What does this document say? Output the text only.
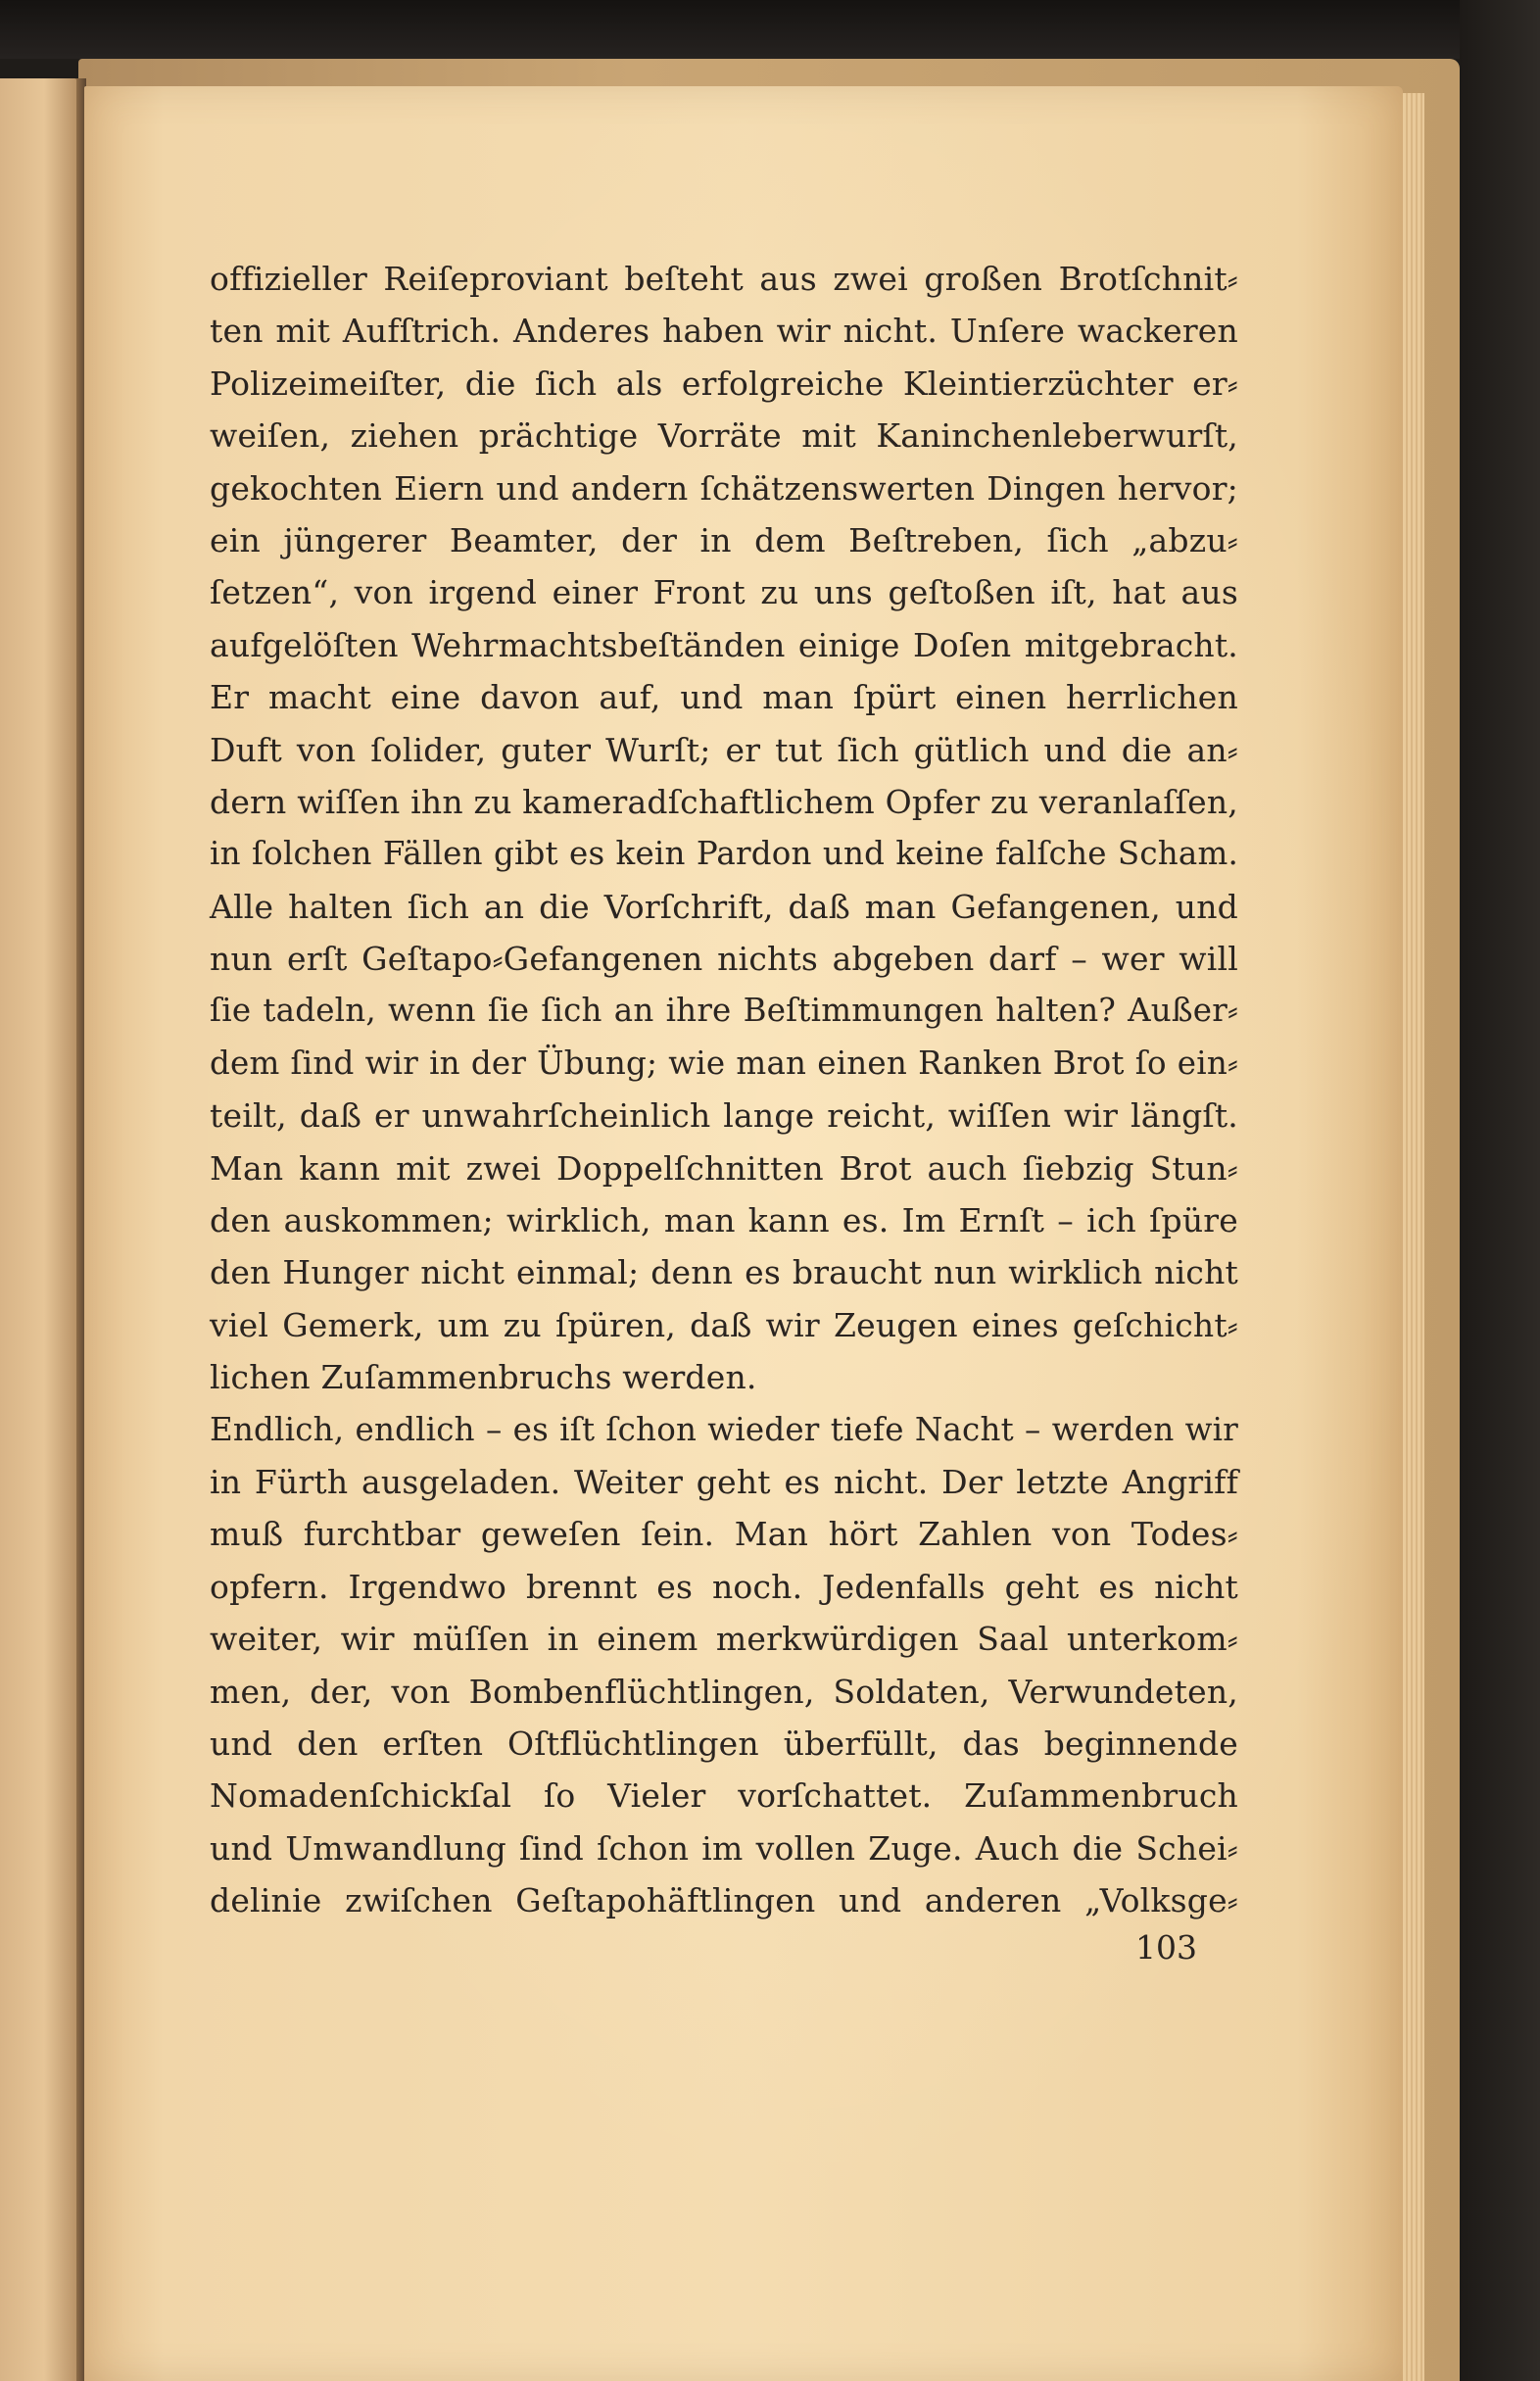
offizieller Reiſeproviant beſteht aus zwei großen Brotſchnit⸗
ten mit Aufſtrich. Anderes haben wir nicht. Unſere wackeren
Polizeimeiſter, die ſich als erfolgreiche Kleintierzüchter er⸗
weiſen, ziehen prächtige Vorräte mit Kaninchenleberwurſt,
gekochten Eiern und andern ſchätzenswerten Dingen hervor;
ein jüngerer Beamter, der in dem Beſtreben, ſich „abzu⸗
ſetzen“, von irgend einer Front zu uns geſtoßen iſt, hat aus
aufgelöſten Wehrmachtsbeſtänden einige Doſen mitgebracht.
Er macht eine davon auf, und man ſpürt einen herrlichen
Duft von ſolider, guter Wurſt; er tut ſich gütlich und die an⸗
dern wiſſen ihn zu kameradſchaftlichem Opfer zu veranlaſſen,
in ſolchen Fällen gibt es kein Pardon und keine falſche Scham.
Alle halten ſich an die Vorſchrift, daß man Gefangenen, und
nun erſt Geſtapo⸗Gefangenen nichts abgeben darf – wer will
ſie tadeln, wenn ſie ſich an ihre Beſtimmungen halten? Außer⸗
dem ſind wir in der Übung; wie man einen Ranken Brot ſo ein⸗
teilt, daß er unwahrſcheinlich lange reicht, wiſſen wir längſt.
Man kann mit zwei Doppelſchnitten Brot auch ſiebzig Stun⸗
den auskommen; wirklich, man kann es. Im Ernſt – ich ſpüre
den Hunger nicht einmal; denn es braucht nun wirklich nicht
viel Gemerk, um zu ſpüren, daß wir Zeugen eines geſchicht⸗
lichen Zuſammenbruchs werden.
Endlich, endlich – es iſt ſchon wieder tiefe Nacht – werden wir
in Fürth ausgeladen. Weiter geht es nicht. Der letzte Angriff
muß furchtbar geweſen ſein. Man hört Zahlen von Todes⸗
opfern. Irgendwo brennt es noch. Jedenfalls geht es nicht
weiter, wir müſſen in einem merkwürdigen Saal unterkom⸗
men, der, von Bombenflüchtlingen, Soldaten, Verwundeten,
und den erſten Oſtflüchtlingen überfüllt, das beginnende
Nomadenſchickſal ſo Vieler vorſchattet. Zuſammenbruch
und Umwandlung ſind ſchon im vollen Zuge. Auch die Schei⸗
delinie zwiſchen Geſtapohäftlingen und anderen „Volksge⸗
103
